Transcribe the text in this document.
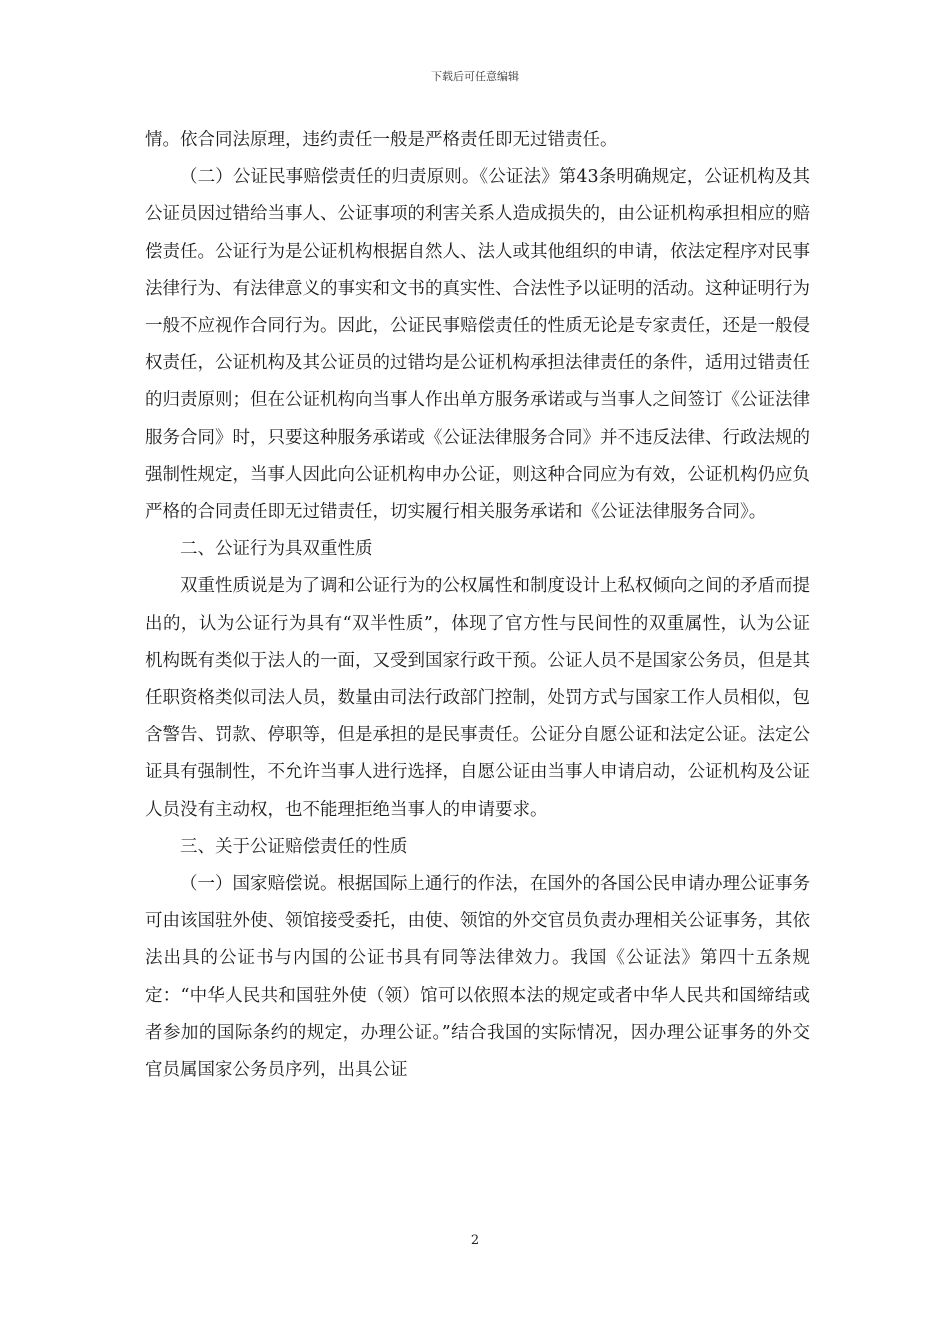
下载后可任意编辑

情。依合同法原理，违约责任一般是严格责任即无过错责任。

（二）公证民事赔偿责任的归责原则。《公证法》第43条明确规定，公证机构及其公证员因过错给当事人、公证事项的利害关系人造成损失的，由公证机构承担相应的赔偿责任。公证行为是公证机构根据自然人、法人或其他组织的申请，依法定程序对民事法律行为、有法律意义的事实和文书的真实性、合法性予以证明的活动。这种证明行为一般不应视作合同行为。因此，公证民事赔偿责任的性质无论是专家责任，还是一般侵权责任，公证机构及其公证员的过错均是公证机构承担法律责任的条件，适用过错责任的归责原则；但在公证机构向当事人作出单方服务承诺或与当事人之间签订《公证法律服务合同》时，只要这种服务承诺或《公证法律服务合同》并不违反法律、行政法规的强制性规定，当事人因此向公证机构申办公证，则这种合同应为有效，公证机构仍应负严格的合同责任即无过错责任，切实履行相关服务承诺和《公证法律服务合同》。

二、公证行为具双重性质

双重性质说是为了调和公证行为的公权属性和制度设计上私权倾向之间的矛盾而提出的，认为公证行为具有“双半性质”，体现了官方性与民间性的双重属性，认为公证机构既有类似于法人的一面，又受到国家行政干预。公证人员不是国家公务员，但是其任职资格类似司法人员，数量由司法行政部门控制，处罚方式与国家工作人员相似，包含警告、罚款、停职等，但是承担的是民事责任。公证分自愿公证和法定公证。法定公证具有强制性，不允许当事人进行选择，自愿公证由当事人申请启动，公证机构及公证人员没有主动权，也不能理拒绝当事人的申请要求。

三、关于公证赔偿责任的性质

（一）国家赔偿说。根据国际上通行的作法，在国外的各国公民申请办理公证事务可由该国驻外使、领馆接受委托，由使、领馆的外交官员负责办理相关公证事务，其依法出具的公证书与内国的公证书具有同等法律效力。我国《公证法》第四十五条规定：“中华人民共和国驻外使（领）馆可以依照本法的规定或者中华人民共和国缔结或者参加的国际条约的规定，办理公证。”结合我国的实际情况，因办理公证事务的外交官员属国家公务员序列，出具公证

2
